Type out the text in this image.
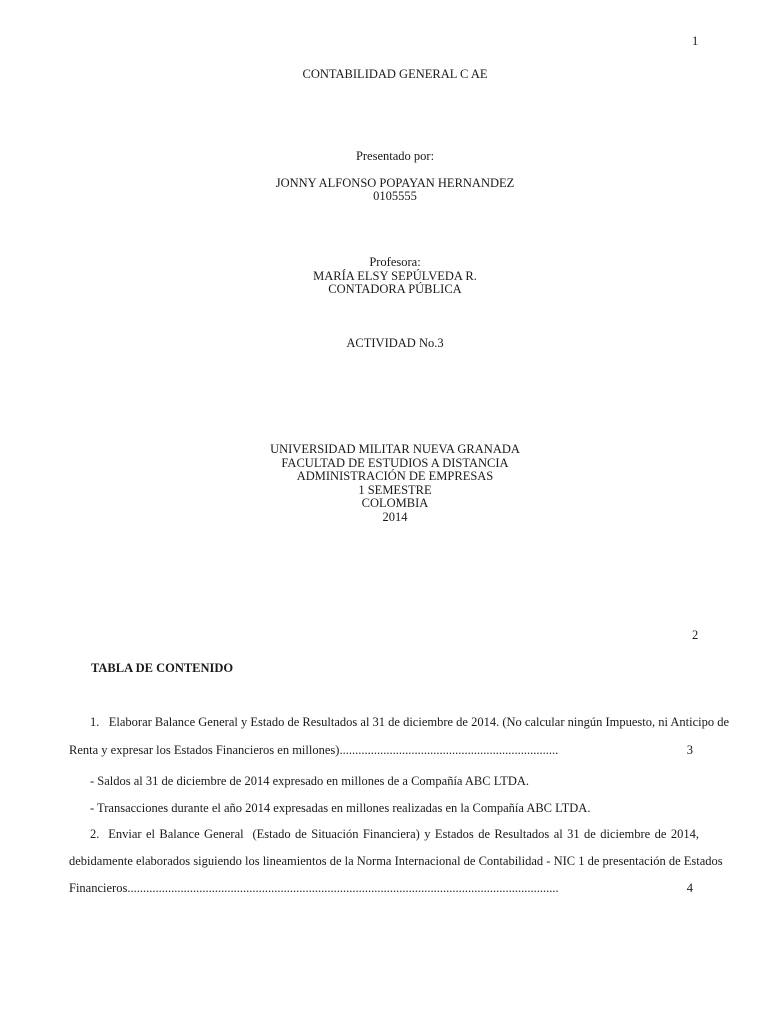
1
CONTABILIDAD GENERAL C AE
Presentado por:
JONNY ALFONSO POPAYAN HERNANDEZ
0105555
Profesora:
MARÍA ELSY SEPÚLVEDA R.
CONTADORA PÚBLICA
ACTIVIDAD No.3
UNIVERSIDAD MILITAR NUEVA GRANADA
FACULTAD DE ESTUDIOS A DISTANCIA
ADMINISTRACIÓN DE EMPRESAS
1 SEMESTRE
COLOMBIA
2014
2
TABLA DE CONTENIDO
1.   Elaborar Balance General y Estado de Resultados al 31 de diciembre de 2014. (No calcular ningún Impuesto, ni Anticipo de
Renta y expresar los Estados Financieros en millones)......................................................................	3
- Saldos al 31 de diciembre de 2014 expresado en millones de a Compañía ABC LTDA.
- Transacciones durante el año 2014 expresadas en millones realizadas en la Compañía ABC LTDA.
2.  Enviar el Balance General  (Estado de Situación Financiera) y Estados de Resultados al 31 de diciembre de 2014,
debidamente elaborados siguiendo los lineamientos de la Norma Internacional de Contabilidad - NIC 1 de presentación de Estados
Financieros..........................................................................................................................................	4
